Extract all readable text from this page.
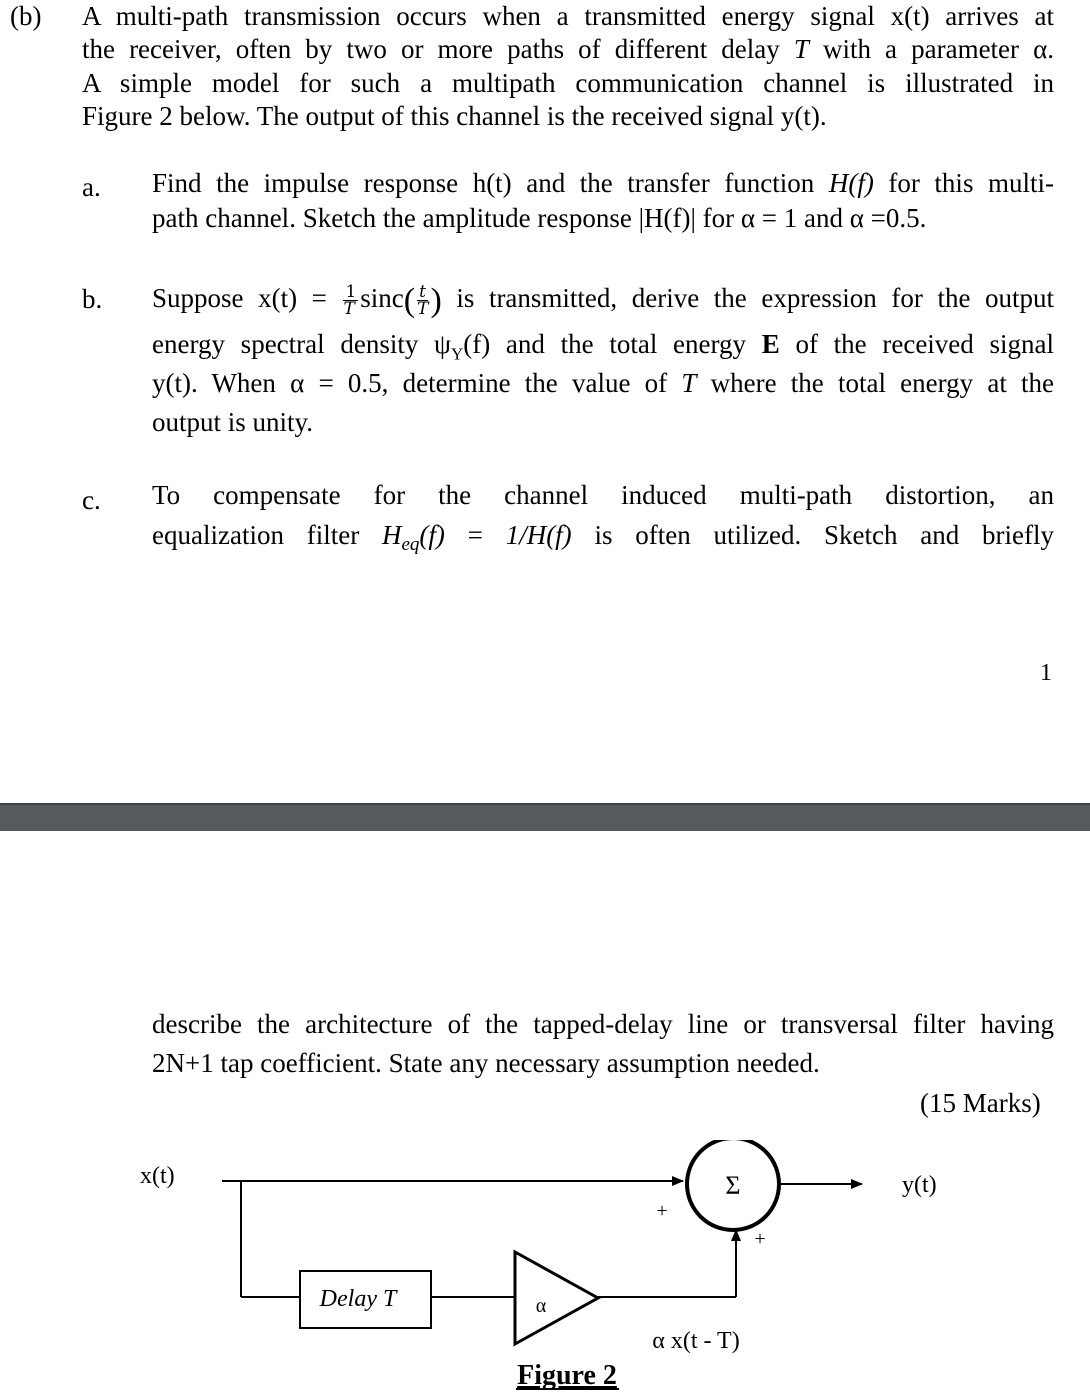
(b) A multi-path transmission occurs when a transmitted energy signal x(t) arrives at
the receiver, often by two or more paths of different delay T with a parameter α.
A simple model for such a multipath communication channel is illustrated in
Figure 2 below. The output of this channel is the received signal y(t).
a. Find the impulse response h(t) and the transfer function H(f) for this multi-
path channel. Sketch the amplitude response |H(f)| for α = 1 and α =0.5.
b. Suppose $x(t) = \frac{1}{T} \sin c( \frac{t}{T}$ ) is transmitted, derive the expression for the output
energy spectral density $\psi_Y(f)$ and the total energy E of the received signal
y(t). When α = 0.5, determine the value of T where the total energy at the
output is unity.
c. To compensate for the channel induced multi-path distortion, an
equalization filter $H_{eq}(f) = 1/H(f)$ is often utilized. Sketch and briefly
1
describe the architecture of the tapped-delay line or transversal filter having
2N+1 tap coefficient. State any necessary assumption needed.
(15 Marks)
x(t)
Delay T	α
Σ
+
+
y(t)
α x(t - T)
Figure 2
